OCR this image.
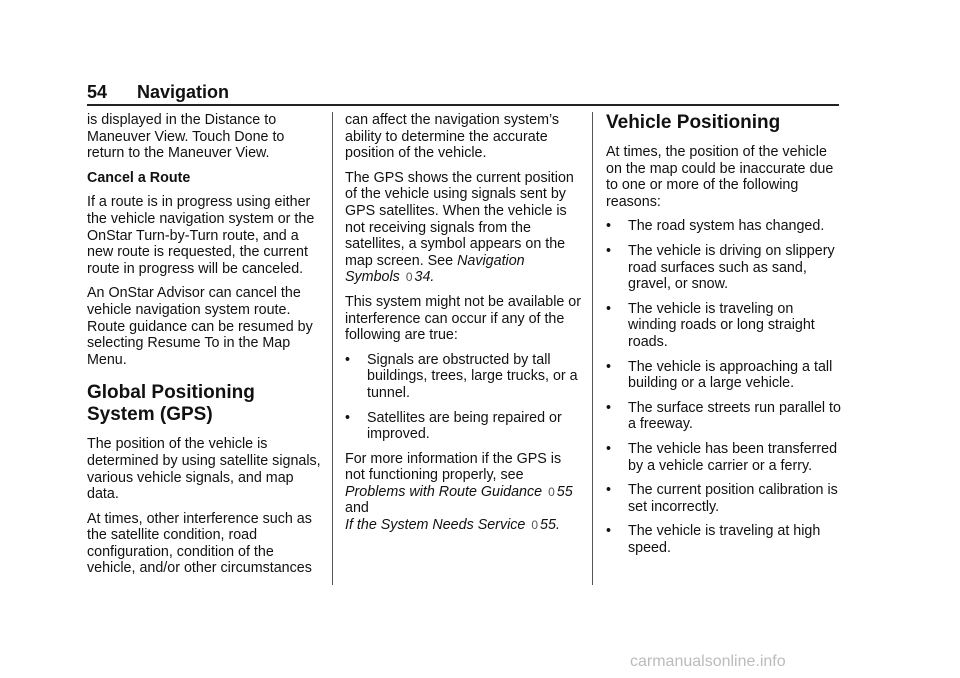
54 Navigation

is displayed in the Distance to Maneuver View. Touch Done to return to the Maneuver View.

Cancel a Route

If a route is in progress using either the vehicle navigation system or the OnStar Turn-by-Turn route, and a new route is requested, the current route in progress will be canceled.

An OnStar Advisor can cancel the vehicle navigation system route. Route guidance can be resumed by selecting Resume To in the Map Menu.

Global Positioning System (GPS)

The position of the vehicle is determined by using satellite signals, various vehicle signals, and map data.

At times, other interference such as the satellite condition, road configuration, condition of the vehicle, and/or other circumstances

can affect the navigation system’s ability to determine the accurate position of the vehicle.

The GPS shows the current position of the vehicle using signals sent by GPS satellites. When the vehicle is not receiving signals from the satellites, a symbol appears on the map screen. See Navigation Symbols 0 34.

This system might not be available or interference can occur if any of the following are true:

• Signals are obstructed by tall buildings, trees, large trucks, or a tunnel.
• Satellites are being repaired or improved.

For more information if the GPS is not functioning properly, see
Problems with Route Guidance 0 55
and
If the System Needs Service 0 55.

Vehicle Positioning

At times, the position of the vehicle on the map could be inaccurate due to one or more of the following reasons:

• The road system has changed.
• The vehicle is driving on slippery road surfaces such as sand, gravel, or snow.
• The vehicle is traveling on winding roads or long straight roads.
• The vehicle is approaching a tall building or a large vehicle.
• The surface streets run parallel to a freeway.
• The vehicle has been transferred by a vehicle carrier or a ferry.
• The current position calibration is set incorrectly.
• The vehicle is traveling at high speed.
carmanualsonline.info
